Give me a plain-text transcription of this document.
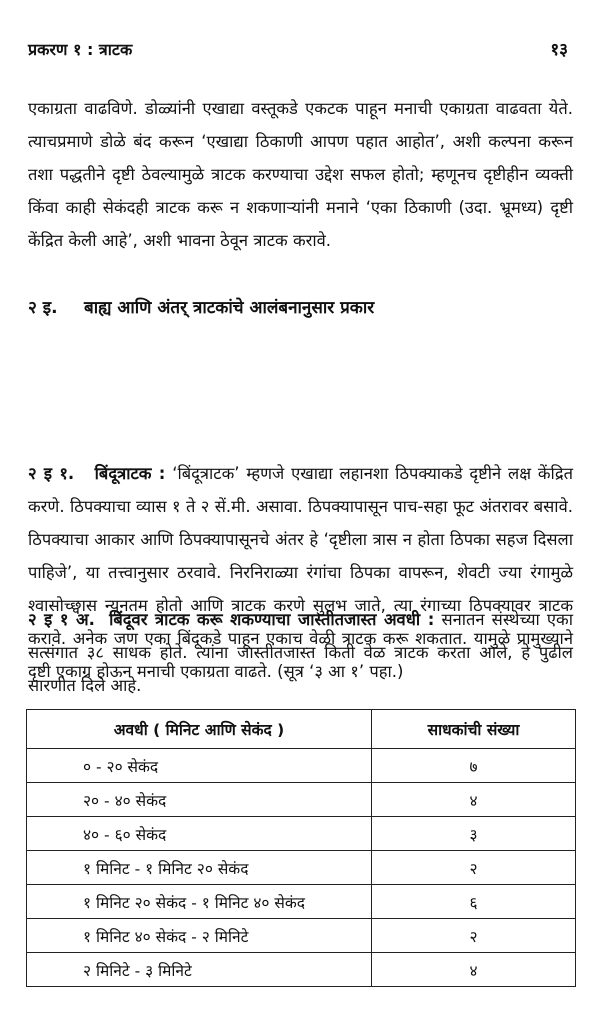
प्रकरण १ : त्राटक	१३

एकाग्रता वाढविणे. डोळ्यांनी एखाद्या वस्तूकडे एकटक पाहून मनाची एकाग्रता वाढवता येते. त्याचप्रमाणे डोळे बंद करून ‘एखाद्या ठिकाणी आपण पहात आहोत’, अशी कल्पना करून तशा पद्धतीने दृष्टी ठेवल्यामुळे त्राटक करण्याचा उद्देश सफल होतो; म्हणूनच दृष्टीहीन व्यक्ती किंवा काही सेकंदही त्राटक करू न शकणाऱ्यांनी मनाने ‘एका ठिकाणी (उदा. भ्रूमध्य) दृष्टी केंद्रित केली आहे’, अशी भावना ठेवून त्राटक करावे.

२ इ. बाह्य आणि अंतर् त्राटकांचे आलंबनानुसार प्रकार

२ इ १. बिंदूत्राटक : ‘बिंदूत्राटक’ म्हणजे एखाद्या लहानशा ठिपक्याकडे दृष्टीने लक्ष केंद्रित करणे. ठिपक्याचा व्यास १ ते २ सें.मी. असावा. ठिपक्यापासून पाच-सहा फूट अंतरावर बसावे. ठिपक्याचा आकार आणि ठिपक्यापासूनचे अंतर हे ‘दृष्टीला त्रास न होता ठिपका सहज दिसला पाहिजे’, या तत्त्वानुसार ठरवावे. निरनिराळ्या रंगांचा ठिपका वापरून, शेवटी ज्या रंगामुळे श्वासोच्छ्वास न्यूनतम होतो आणि त्राटक करणे सुलभ जाते, त्या रंगाच्या ठिपक्यावर त्राटक करावे. अनेक जण एका बिंदूकडे पाहून एकाच वेळी त्राटक करू शकतात. यामुळे प्रामुख्याने दृष्टी एकाग्र होऊन मनाची एकाग्रता वाढते. (सूत्र ‘३ आ १’ पहा.)

२ इ १ अ. बिंदूवर त्राटक करू शकण्याचा जास्तीतजास्त अवधी : सनातन संस्थेच्या एका सत्संगात ३८ साधक होते. त्यांना जास्तीतजास्त किती वेळ त्राटक करता आले, हे पुढील सारणीत दिले आहे.

अवधी ( मिनिट आणि सेकंद )	साधकांची संख्या
० - २० सेकंद	७
२० - ४० सेकंद	४
४० - ६० सेकंद	३
१ मिनिट - १ मिनिट २० सेकंद	२
१ मिनिट २० सेकंद - १ मिनिट ४० सेकंद	६
१ मिनिट ४० सेकंद - २ मिनिटे	२
२ मिनिटे - ३ मिनिटे	४
